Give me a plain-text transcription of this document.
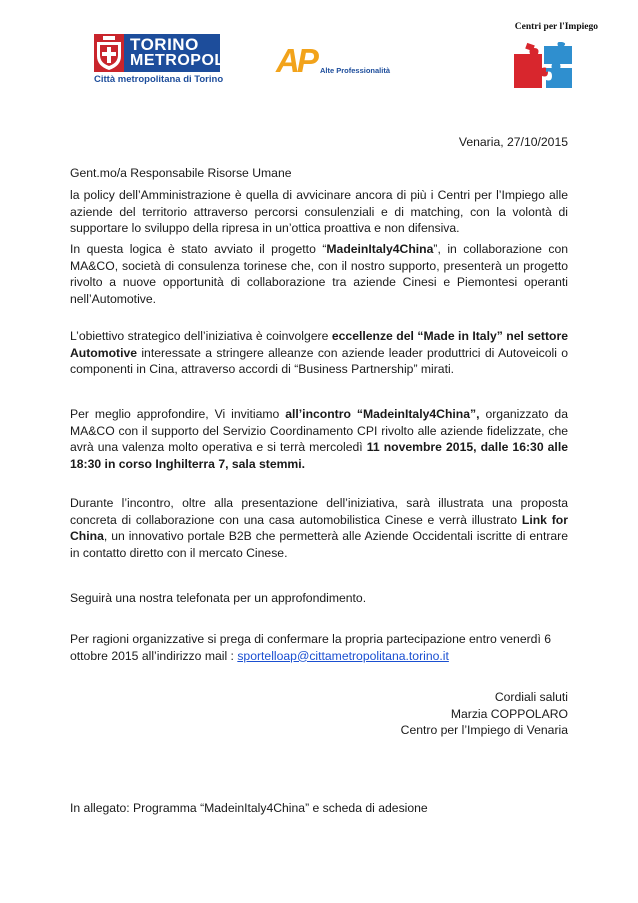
TORINO
METROPOLI
Città metropolitana di Torino
AP Alte Professionalità
Centri per l'Impiego
Venaria, 27/10/2015
Gent.mo/a Responsabile Risorse Umane
la policy dell’Amministrazione è quella di avvicinare ancora di più i Centri per l’Impiego alle aziende del territorio attraverso percorsi consulenziali e di matching, con la volontà di supportare lo sviluppo della ripresa in un’ottica proattiva e non difensiva.
In questa logica è stato avviato il progetto “MadeinItaly4China”, in collaborazione con MA&CO, società di consulenza torinese che, con il nostro supporto, presenterà un progetto rivolto a nuove opportunità di collaborazione tra aziende Cinesi e Piemontesi operanti nell’Automotive.
L’obiettivo strategico dell’iniziativa è coinvolgere eccellenze del “Made in Italy” nel settore Automotive interessate a stringere alleanze con aziende leader produttrici di Autoveicoli o componenti in Cina, attraverso accordi di “Business Partnership” mirati.
Per meglio approfondire, Vi invitiamo all’incontro “MadeinItaly4China”, organizzato da MA&CO con il supporto del Servizio Coordinamento CPI rivolto alle aziende fidelizzate, che avrà una valenza molto operativa e si terrà mercoledì 11 novembre 2015, dalle 16:30 alle 18:30 in corso Inghilterra 7, sala stemmi.
Durante l’incontro, oltre alla presentazione dell’iniziativa, sarà illustrata una proposta concreta di collaborazione con una casa automobilistica Cinese e verrà illustrato Link for China, un innovativo portale B2B che permetterà alle Aziende Occidentali iscritte di entrare in contatto diretto con il mercato Cinese.
Seguirà una nostra telefonata per un approfondimento.
Per ragioni organizzative si prega di confermare la propria partecipazione entro venerdì 6
ottobre 2015 all’indirizzo mail : sportelloap@cittametropolitana.torino.it
Cordiali saluti
Marzia COPPOLARO
Centro per l’Impiego di Venaria
In allegato: Programma “MadeinItaly4China” e scheda di adesione
